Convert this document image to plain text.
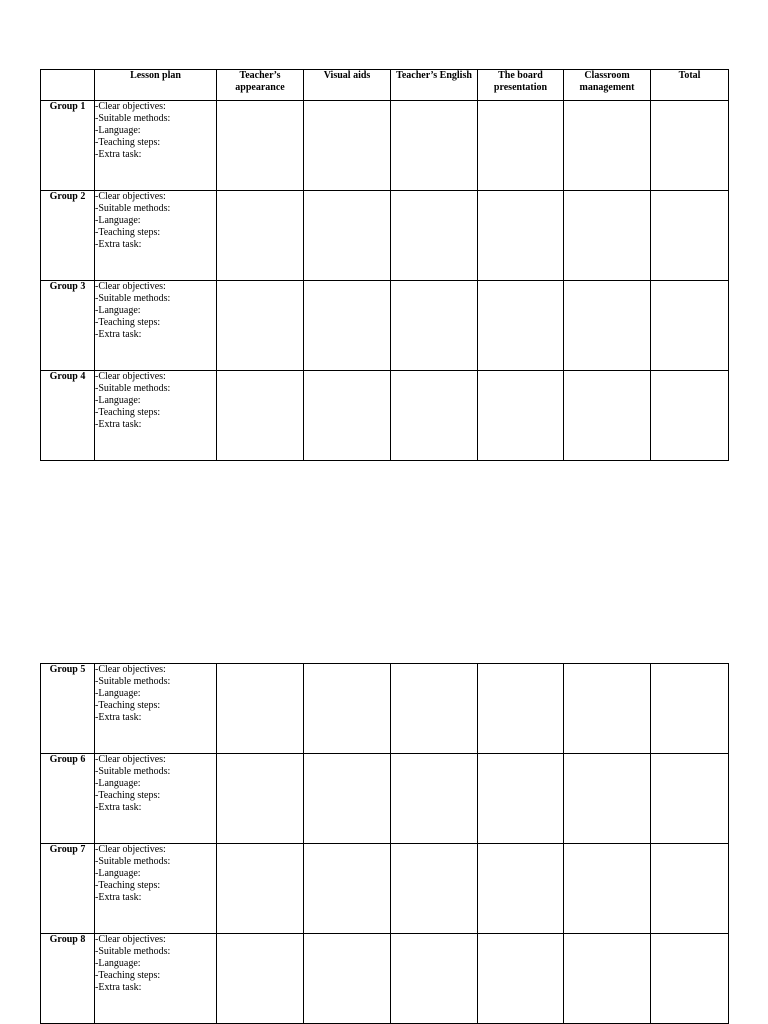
	Lesson plan	Teacher’s appearance	Visual aids	Teacher’s English	The board presentation	Classroom management	Total
Group 1	-Clear objectives:
-Suitable methods:
-Language:
-Teaching steps:
-Extra task:						

Group 2	-Clear objectives:
-Suitable methods:
-Language:
-Teaching steps:
-Extra task:						

Group 3	-Clear objectives:
-Suitable methods:
-Language:
-Teaching steps:
-Extra task:						

Group 4	-Clear objectives:
-Suitable methods:
-Language:
-Teaching steps:
-Extra task:						

Group 5	-Clear objectives:
-Suitable methods:
-Language:
-Teaching steps:
-Extra task:						

Group 6	-Clear objectives:
-Suitable methods:
-Language:
-Teaching steps:
-Extra task:						

Group 7	-Clear objectives:
-Suitable methods:
-Language:
-Teaching steps:
-Extra task:						

Group 8	-Clear objectives:
-Suitable methods:
-Language:
-Teaching steps:
-Extra task:						
